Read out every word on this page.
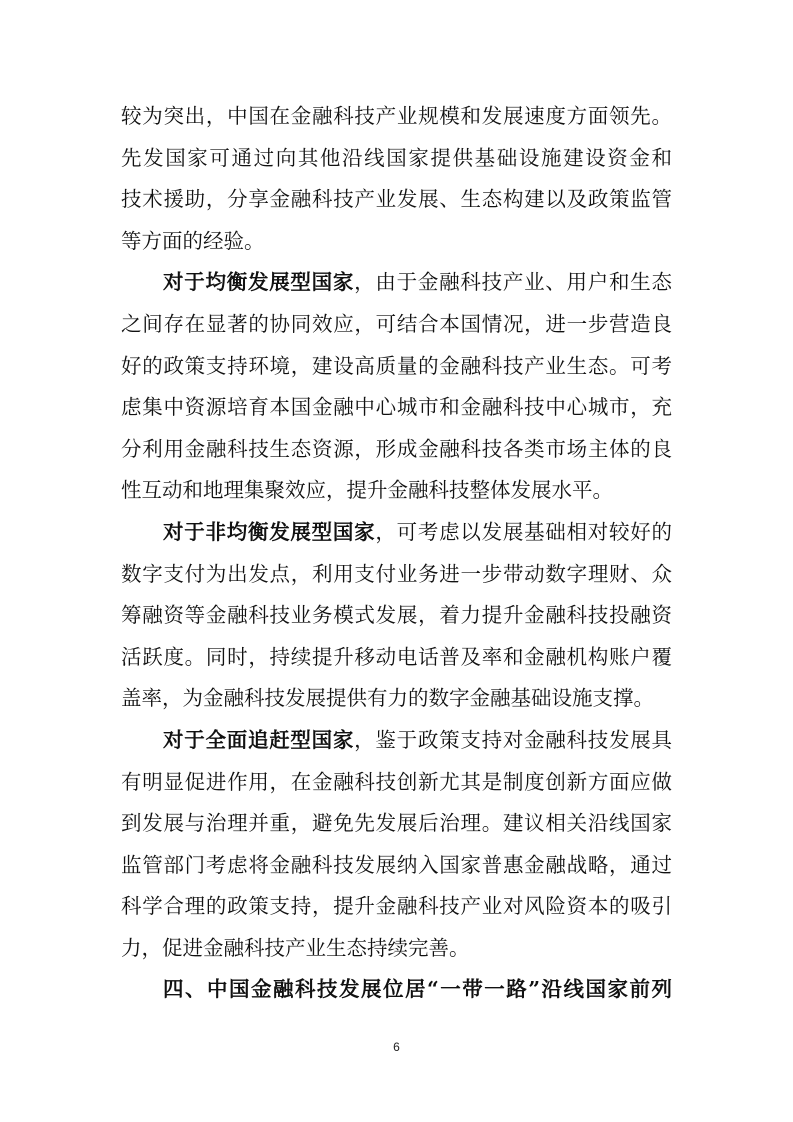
较为突出，中国在金融科技产业规模和发展速度方面领先。
先发国家可通过向其他沿线国家提供基础设施建设资金和
技术援助，分享金融科技产业发展、生态构建以及政策监管
等方面的经验。
对于均衡发展型国家，由于金融科技产业、用户和生态
之间存在显著的协同效应，可结合本国情况，进一步营造良
好的政策支持环境，建设高质量的金融科技产业生态。可考
虑集中资源培育本国金融中心城市和金融科技中心城市，充
分利用金融科技生态资源，形成金融科技各类市场主体的良
性互动和地理集聚效应，提升金融科技整体发展水平。
对于非均衡发展型国家，可考虑以发展基础相对较好的
数字支付为出发点，利用支付业务进一步带动数字理财、众
筹融资等金融科技业务模式发展，着力提升金融科技投融资
活跃度。同时，持续提升移动电话普及率和金融机构账户覆
盖率，为金融科技发展提供有力的数字金融基础设施支撑。
对于全面追赶型国家，鉴于政策支持对金融科技发展具
有明显促进作用，在金融科技创新尤其是制度创新方面应做
到发展与治理并重，避免先发展后治理。建议相关沿线国家
监管部门考虑将金融科技发展纳入国家普惠金融战略，通过
科学合理的政策支持，提升金融科技产业对风险资本的吸引
力，促进金融科技产业生态持续完善。
四、中国金融科技发展位居“一带一路”沿线国家前列
6
